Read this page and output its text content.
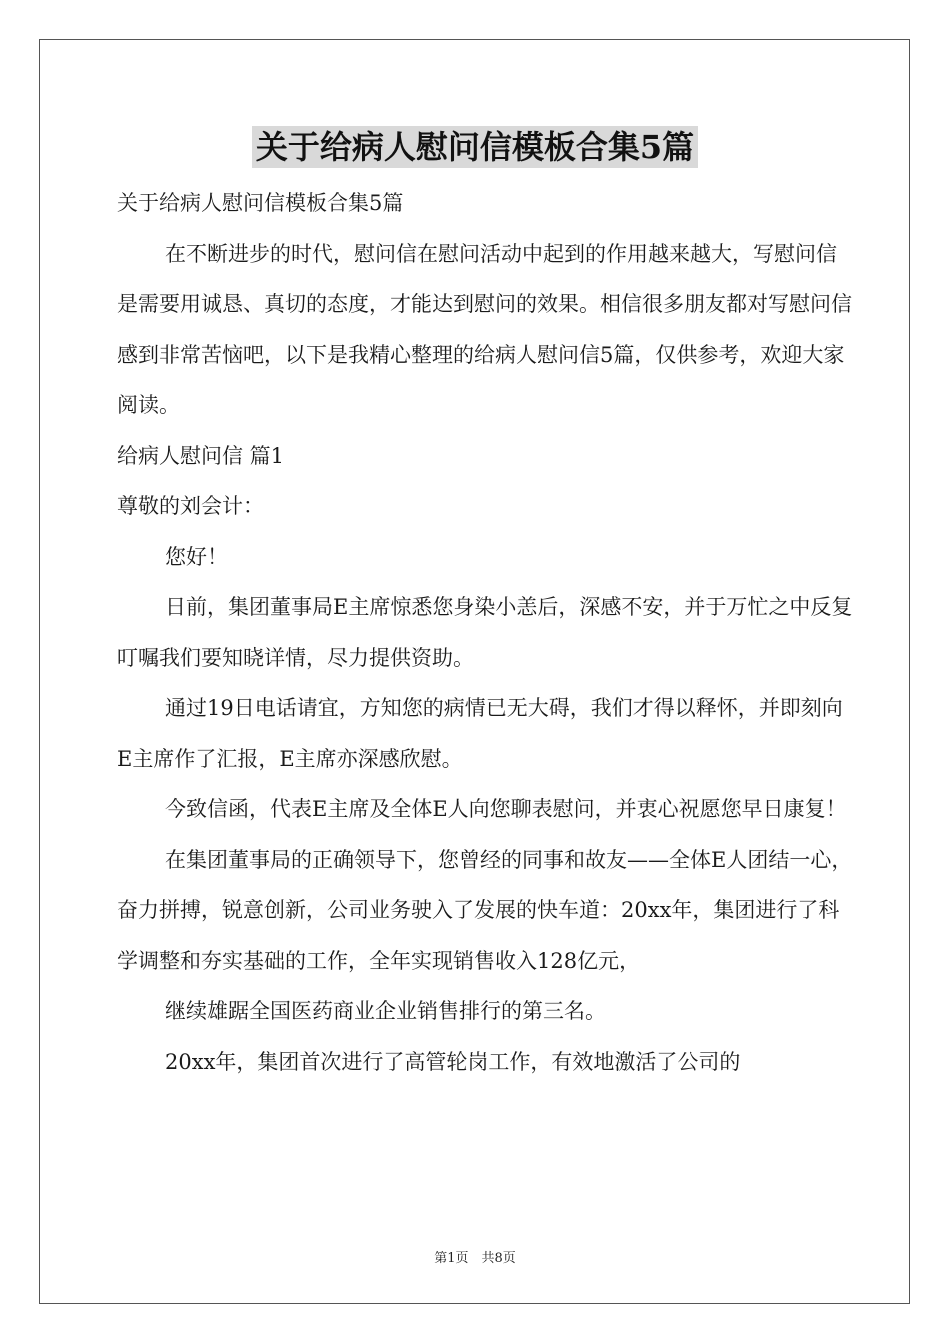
关于给病人慰问信模板合集5篇

关于给病人慰问信模板合集5篇

在不断进步的时代，慰问信在慰问活动中起到的作用越来越大，写慰问信是需要用诚恳、真切的态度，才能达到慰问的效果。相信很多朋友都对写慰问信感到非常苦恼吧，以下是我精心整理的给病人慰问信5篇，仅供参考，欢迎大家阅读。

给病人慰问信 篇1

尊敬的刘会计：

您好！

日前，集团董事局E主席惊悉您身染小恙后，深感不安，并于万忙之中反复叮嘱我们要知晓详情，尽力提供资助。

通过19日电话请宜，方知您的病情已无大碍，我们才得以释怀，并即刻向E主席作了汇报，E主席亦深感欣慰。

今致信函，代表E主席及全体E人向您聊表慰问，并衷心祝愿您早日康复！

在集团董事局的正确领导下，您曾经的同事和故友——全体E人团结一心，奋力拼搏，锐意创新，公司业务驶入了发展的快车道：20xx年，集团进行了科学调整和夯实基础的工作，全年实现销售收入128亿元，

继续雄踞全国医药商业企业销售排行的第三名。

20xx年，集团首次进行了高管轮岗工作，有效地激活了公司的

第1页　共8页
